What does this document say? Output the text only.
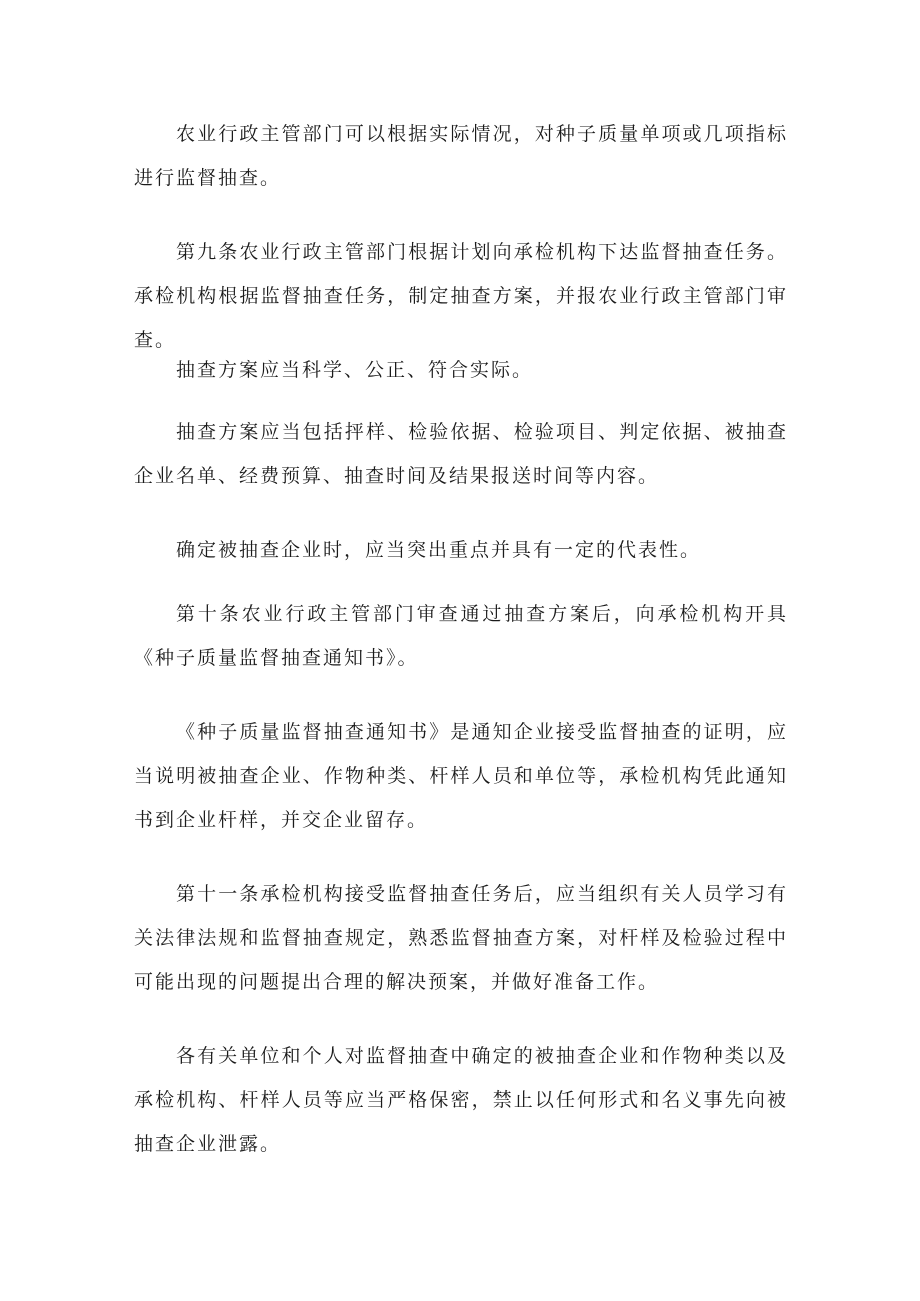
农业行政主管部门可以根据实际情况，对种子质量单项或几项指标进行监督抽查。

第九条农业行政主管部门根据计划向承检机构下达监督抽查任务。承检机构根据监督抽查任务，制定抽查方案，并报农业行政主管部门审查。

抽查方案应当科学、公正、符合实际。

抽查方案应当包括抨样、检验依据、检验项目、判定依据、被抽查企业名单、经费预算、抽查时间及结果报送时间等内容。

确定被抽查企业时，应当突出重点并具有一定的代表性。

第十条农业行政主管部门审查通过抽查方案后，向承检机构开具《种子质量监督抽查通知书》。

《种子质量监督抽查通知书》是通知企业接受监督抽查的证明，应当说明被抽查企业、作物种类、杆样人员和单位等，承检机构凭此通知书到企业杆样，并交企业留存。

第十一条承检机构接受监督抽查任务后，应当组织有关人员学习有关法律法规和监督抽查规定，熟悉监督抽查方案，对杆样及检验过程中可能出现的问题提出合理的解决预案，并做好准备工作。

各有关单位和个人对监督抽查中确定的被抽查企业和作物种类以及承检机构、杆样人员等应当严格保密，禁止以任何形式和名义事先向被抽查企业泄露。
